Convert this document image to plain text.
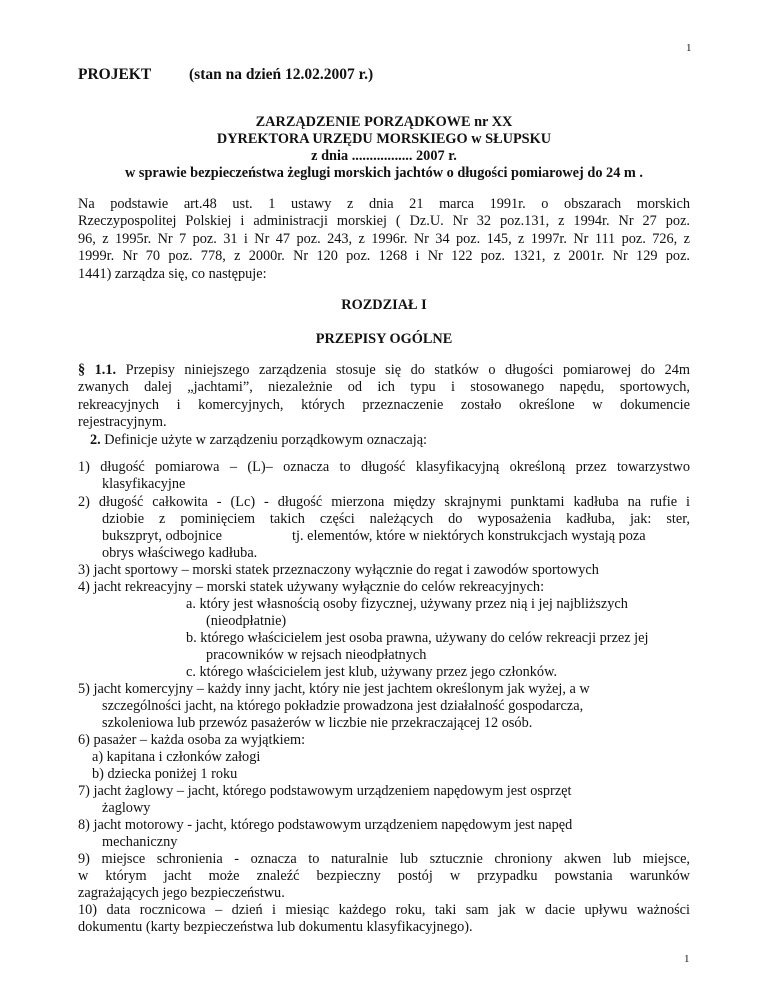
1
PROJEKT (stan na dzień 12.02.2007 r.)
ZARZĄDZENIE PORZĄDKOWE nr XX
DYREKTORA URZĘDU MORSKIEGO w SŁUPSKU
z dnia ................. 2007 r.
w sprawie bezpieczeństwa żeglugi morskich jachtów o długości pomiarowej do 24 m .
Na podstawie art.48 ust. 1 ustawy z dnia 21 marca 1991r. o obszarach morskich
Rzeczypospolitej Polskiej i administracji morskiej ( Dz.U. Nr 32 poz.131, z 1994r. Nr 27 poz.
96, z 1995r. Nr 7 poz. 31 i Nr 47 poz. 243, z 1996r. Nr 34 poz. 145, z 1997r. Nr 111 poz. 726, z
1999r. Nr 70 poz. 778, z 2000r. Nr 120 poz. 1268 i Nr 122 poz. 1321, z 2001r. Nr 129 poz.
1441) zarządza się, co następuje:
ROZDZIAŁ I
PRZEPISY OGÓLNE
§ 1.1. Przepisy niniejszego zarządzenia stosuje się do statków o długości pomiarowej do 24m
zwanych dalej „jachtami”, niezależnie od ich typu i stosowanego napędu, sportowych,
rekreacyjnych i komercyjnych, których przeznaczenie zostało określone w dokumencie
rejestracyjnym.
2. Definicje użyte w zarządzeniu porządkowym oznaczają:
1) długość pomiarowa – (L)– oznacza to długość klasyfikacyjną określoną przez towarzystwo
klasyfikacyjne
2) długość całkowita - (Lc) - długość mierzona między skrajnymi punktami kadłuba na rufie i
dziobie z pominięciem takich części należących do wyposażenia kadłuba, jak: ster,
bukszpryt, odbojnice	tj. elementów, które w niektórych konstrukcjach wystają poza
obrys właściwego kadłuba.
3) jacht sportowy – morski statek przeznaczony wyłącznie do regat i zawodów sportowych
4) jacht rekreacyjny – morski statek używany wyłącznie do celów rekreacyjnych:
a. który jest własnością osoby fizycznej, używany przez nią i jej najbliższych
(nieodpłatnie)
b. którego właścicielem jest osoba prawna, używany do celów rekreacji przez jej
pracowników w rejsach nieodpłatnych
c. którego właścicielem jest klub, używany przez jego członków.
5) jacht komercyjny – każdy inny jacht, który nie jest jachtem określonym jak wyżej, a w
szczególności jacht, na którego pokładzie prowadzona jest działalność gospodarcza,
szkoleniowa lub przewóz pasażerów w liczbie nie przekraczającej 12 osób.
6) pasażer – każda osoba za wyjątkiem:
a) kapitana i członków załogi
b) dziecka poniżej 1 roku
7) jacht żaglowy – jacht, którego podstawowym urządzeniem napędowym jest osprzęt
żaglowy
8) jacht motorowy - jacht, którego podstawowym urządzeniem napędowym jest napęd
mechaniczny
9) miejsce schronienia - oznacza to naturalnie lub sztucznie chroniony akwen lub miejsce,
w którym jacht może znaleźć bezpieczny postój w przypadku powstania warunków
zagrażających jego bezpieczeństwu.
10) data rocznicowa – dzień i miesiąc każdego roku, taki sam jak w dacie upływu ważności
dokumentu (karty bezpieczeństwa lub dokumentu klasyfikacyjnego).
1
